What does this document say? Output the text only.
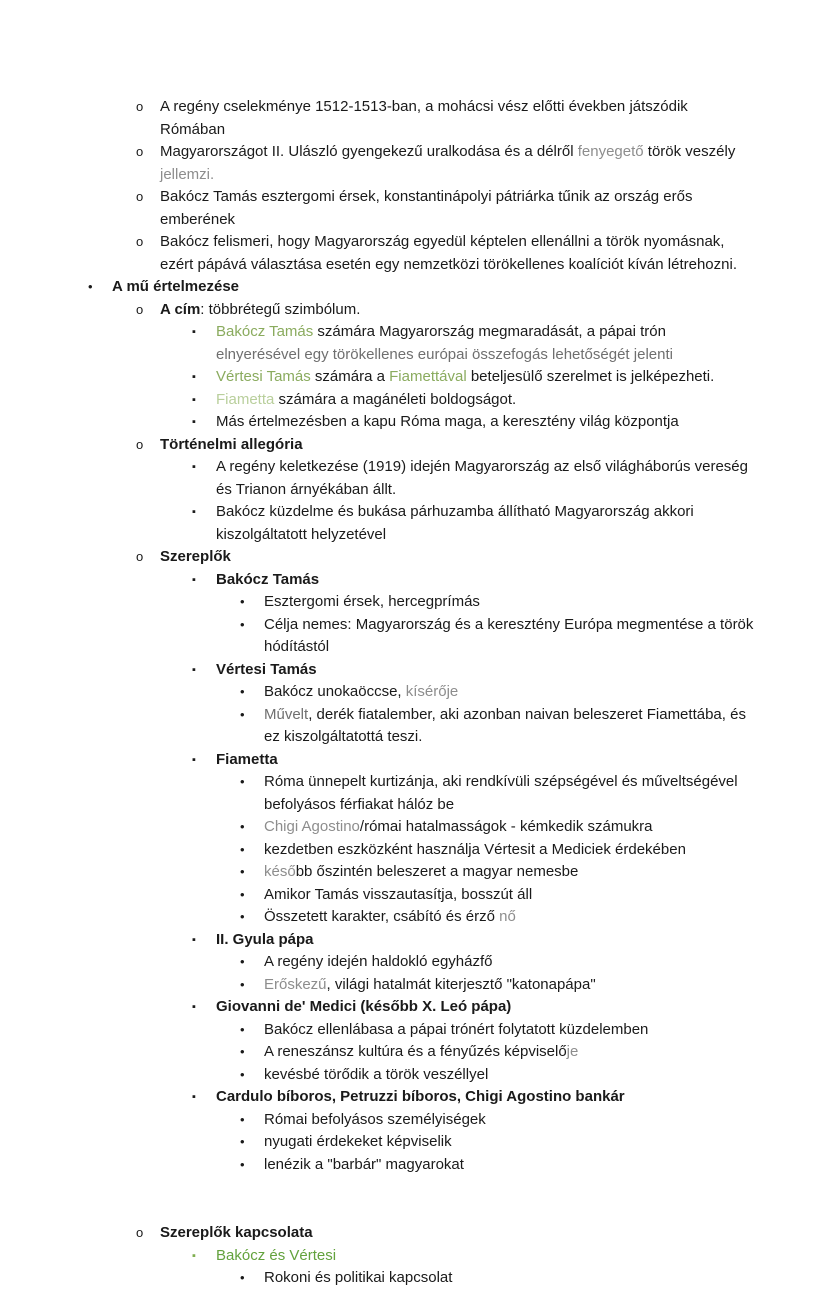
o	A regény cselekménye 1512-1513-ban, a mohácsi vész előtti években játszódik
Rómában
o	Magyarországot II. Ulászló gyengekezű uralkodása és a délről fenyegető török veszély
jellemzi.
o	Bakócz Tamás esztergomi érsek, konstantinápolyi pátriárka tűnik az ország erős
emberének
o	Bakócz felismeri, hogy Magyarország egyedül képtelen ellenállni a török nyomásnak,
ezért pápává választása esetén egy nemzetközi törökellenes koalíciót kíván létrehozni.
•	A mű értelmezése
o	A cím: többrétegű szimbólum.
▪	Bakócz Tamás számára Magyarország megmaradását, a pápai trón
elnyerésével egy törökellenes európai összefogás lehetőségét jelenti
▪	Vértesi Tamás számára a Fiamettával beteljesülő szerelmet is jelképezheti.
▪	Fiametta számára a magánéleti boldogságot.
▪	Más értelmezésben a kapu Róma maga, a keresztény világ központja
o	Történelmi allegória
▪	A regény keletkezése (1919) idején Magyarország az első világháborús vereség
és Trianon árnyékában állt.
▪	Bakócz küzdelme és bukása párhuzamba állítható Magyarország akkori
kiszolgáltatott helyzetével
o	Szereplők
▪	Bakócz Tamás
•	Esztergomi érsek, hercegprímás
•	Célja nemes: Magyarország és a keresztény Európa megmentése a török
hódítástól
▪	Vértesi Tamás
•	Bakócz unokaöccse, kísérője
•	Művelt, derék fiatalember, aki azonban naivan beleszeret Fiamettába, és
ez kiszolgáltatottá teszi.
▪	Fiametta
•	Róma ünnepelt kurtizánja, aki rendkívüli szépségével és műveltségével
befolyásos férfiakat hálóz be
•	Chigi Agostino/római hatalmasságok - kémkedik számukra
•	kezdetben eszközként használja Vértesit a Mediciek érdekében
•	később őszintén beleszeret a magyar nemesbe
•	Amikor Tamás visszautasítja, bosszút áll
•	Összetett karakter, csábító és érző nő
▪	II. Gyula pápa
•	A regény idején haldokló egyházfő
•	Erőskezű, világi hatalmát kiterjesztő "katonapápa"
▪	Giovanni de' Medici (később X. Leó pápa)
•	Bakócz ellenlábasa a pápai trónért folytatott küzdelemben
•	A reneszánsz kultúra és a fényűzés képviselője
•	kevésbé törődik a török veszéllyel
▪	Cardulo bíboros, Petruzzi bíboros, Chigi Agostino bankár
•	Római befolyásos személyiségek
•	nyugati érdekeket képviselik
•	lenézik a "barbár" magyarokat
o	Szereplők kapcsolata
▪	Bakócz és Vértesi
•	Rokoni és politikai kapcsolat
